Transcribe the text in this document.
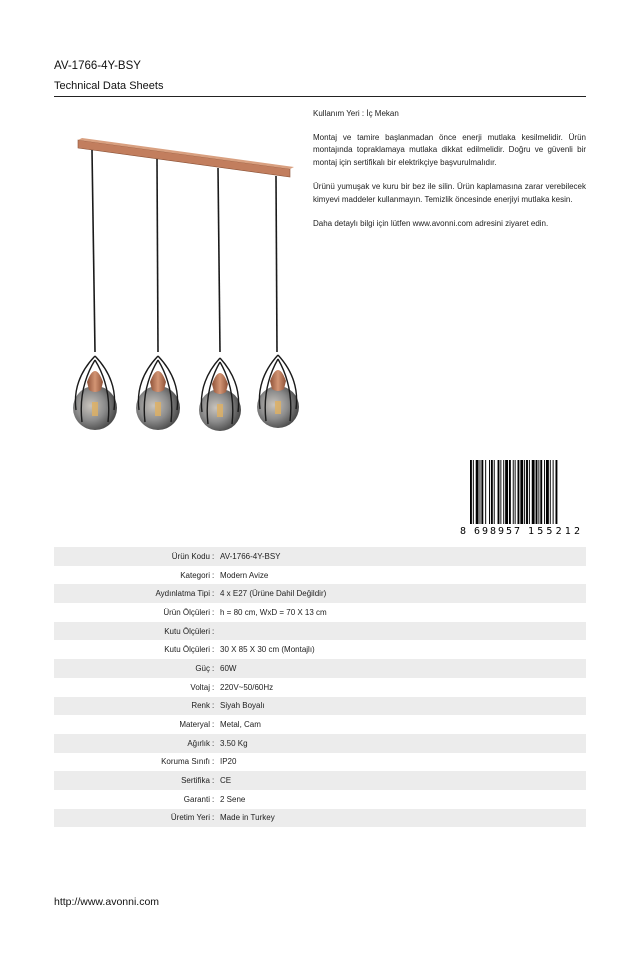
AV-1766-4Y-BSY
Technical Data Sheets

Kullanım Yeri : İç Mekan

Montaj ve tamire başlanmadan önce enerji mutlaka kesilmelidir. Ürün montajında topraklamaya mutlaka dikkat edilmelidir. Doğru ve güvenli bir montaj için sertifikalı bir elektrikçiye başvurulmalıdır.

Ürünü yumuşak ve kuru bir bez ile silin. Ürün kaplamasına zarar verebilecek kimyevi maddeler kullanmayın. Temizlik öncesinde enerjiyi mutlaka kesin.

Daha detaylı bilgi için lütfen www.avonni.com adresini ziyaret edin.

8 698957 155212
Ürün Kodu : AV-1766-4Y-BSY
Kategori : Modern Avize
Aydınlatma Tipi : 4 x E27 (Ürüne Dahil Değildir)
Ürün Ölçüleri : h = 80 cm, WxD = 70 X 13 cm
Kutu Ölçüleri :
Kutu Ölçüleri : 30 X 85 X 30 cm (Montajlı)
Güç : 60W
Voltaj : 220V~50/60Hz
Renk : Siyah Boyalı
Materyal : Metal, Cam
Ağırlık : 3.50 Kg
Koruma Sınıfı : IP20
Sertifika : CE
Garanti : 2 Sene
Üretim Yeri : Made in Turkey
http://www.avonni.com
